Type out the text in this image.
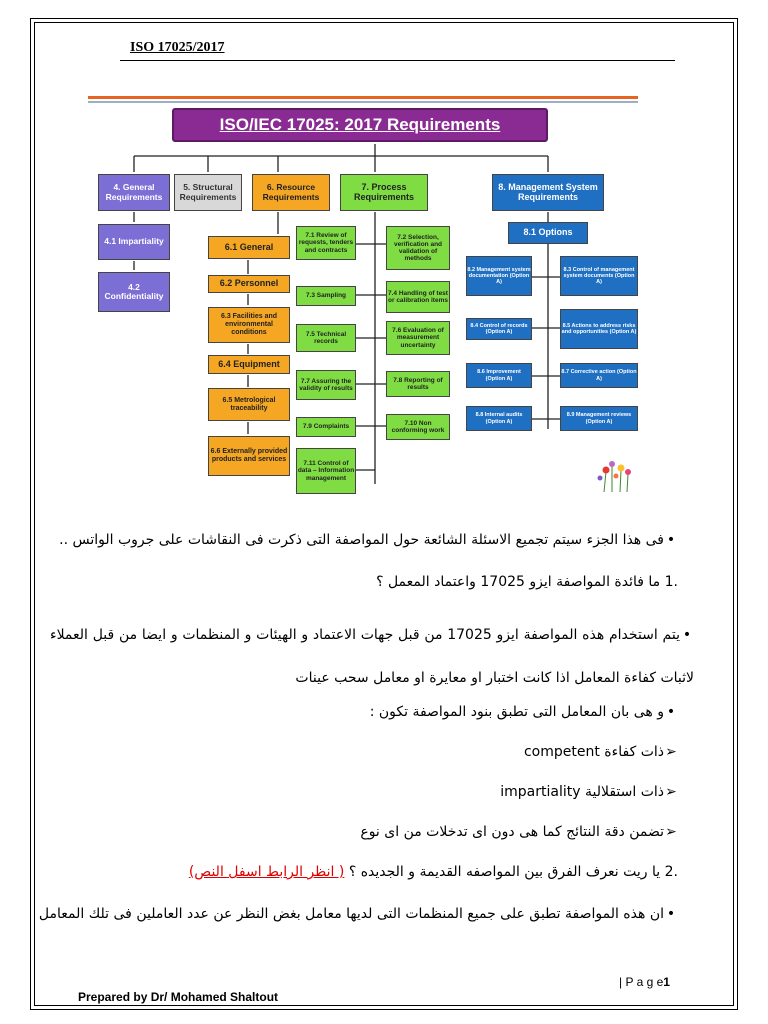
ISO 17025/2017
ISO/IEC 17025: 2017 Requirements
4. General Requirements
4.1 Impartiality
4.2 Confidentiality
5. Structural Requirements
6. Resource Requirements
6.1 General
6.2 Personnel
6.3 Facilities and environmental conditions
6.4 Equipment
6.5 Metrological traceability
6.6 Externally provided products and services
7. Process Requirements
7.1 Review of requests, tenders and contracts
7.3 Sampling
7.5 Technical records
7.7 Assuring the validity of results
7.9 Complaints
7.11 Control of data – Information management
7.2 Selection, verification and validation of methods
7.4 Handling of test or calibration items
7.6 Evaluation of measurement uncertainty
7.8 Reporting of results
7.10 Non conforming work
8. Management System Requirements
8.1 Options
8.2 Management system documentation (Option A)
8.4 Control of records (Option A)
8.6 Improvement (Option A)
8.8 Internal audits (Option A)
8.3 Control of management system documents (Option A)
8.5 Actions to address risks and opportunities (Option A)
8.7 Corrective action (Option A)
8.9 Management reviews (Option A)
•فى هذا الجزء سيتم تجميع الاسئلة الشائعة حول المواصفة التى ذكرت فى النقاشات على جروب الواتس ..
.1 ما فائدة المواصفة ايزو 17025 واعتماد المعمل ؟
•يتم استخدام هذه المواصفة ايزو 17025 من قبل جهات الاعتماد و الهيئات و المنظمات و ايضا من قبل العملاء لاثبات كفاءة المعامل اذا كانت اختبار او معايرة او معامل سحب عينات
•و هى بان المعامل التى تطبق بنود المواصفة تكون :
➢ذات كفاءة competent
➢ذات استقلالية impartiality
➢تضمن دقة النتائج كما هى دون اى تدخلات من اى نوع
.2 يا ريت نعرف الفرق بين المواصفه القديمة و الجديده ؟ ( انظر الرابط اسفل النص)
•ان هذه المواصفة تطبق على جميع المنظمات التى لديها معامل بغض النظر عن عدد العاملين فى تلك المعامل
| P a g e1
Prepared by Dr/ Mohamed Shaltout
